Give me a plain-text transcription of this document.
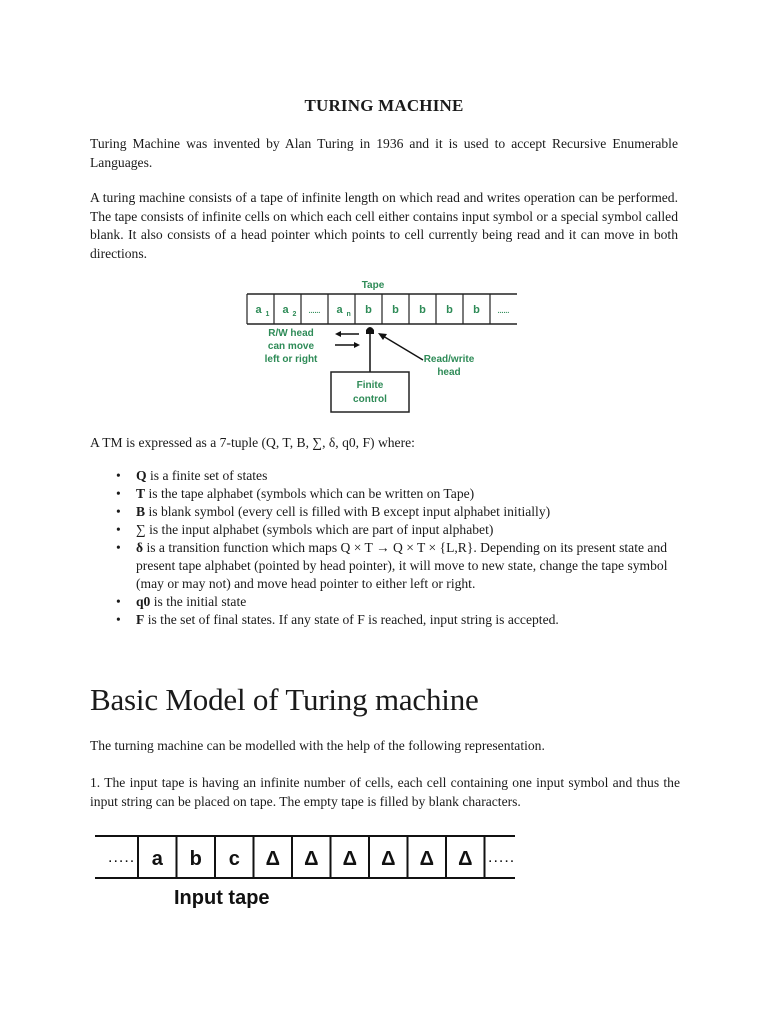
TURING MACHINE
Turing Machine was invented by Alan Turing in 1936 and it is used to accept Recursive Enumerable Languages.
A turing machine consists of a tape of infinite length on which read and writes operation can be performed. The tape consists of infinite cells on which each cell either contains input symbol or a special symbol called blank. It also consists of a head pointer which points to cell currently being read and it can move in both directions.
Tape
a 1 a 2 ...... a n b b b b b	......
R/W head
can move
left or right	Read/write
head
Finite
control
A TM is expressed as a 7-tuple (Q, T, B, ∑, δ, q0, F) where:
• Q is a finite set of states
• T is the tape alphabet (symbols which can be written on Tape)
• B is blank symbol (every cell is filled with B except input alphabet initially)
• ∑ is the input alphabet (symbols which are part of input alphabet)
• δ is a transition function which maps Q × T → Q × T × {L,R}. Depending on its present state and present tape alphabet (pointed by head pointer), it will move to new state, change the tape symbol (may or may not) and move head pointer to either left or right.
• q0 is the initial state
• F is the set of final states. If any state of F is reached, input string is accepted.
Basic Model of Turing machine
The turning machine can be modelled with the help of the following representation.
1. The input tape is having an infinite number of cells, each cell containing one input symbol and thus the input string can be placed on tape. The empty tape is filled by blank characters.
..... a b c Δ Δ Δ Δ Δ Δ .....
Input tape
